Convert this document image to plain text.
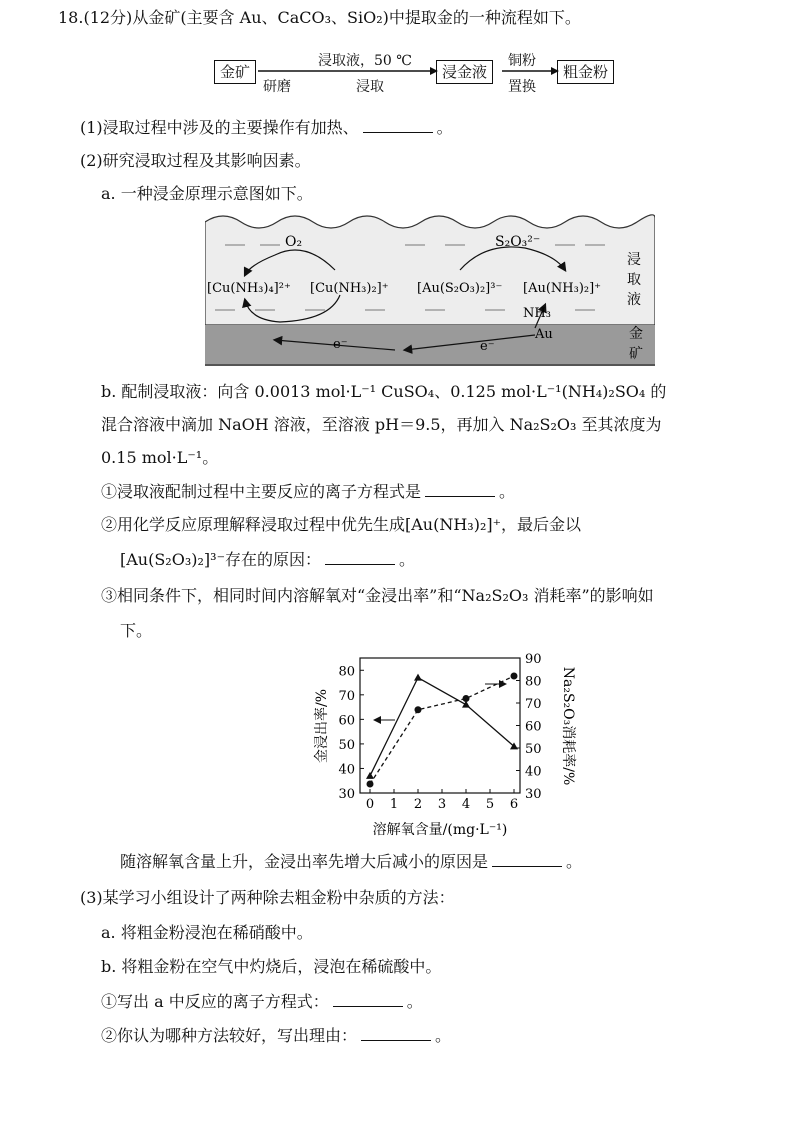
18.(12分)从金矿(主要含 Au、CaCO₃、SiO₂)中提取金的一种流程如下。
金矿	浸金液	粗金粉
研磨
浸取液，50 ℃
浸取
铜粉
置换
(1)浸取过程中涉及的主要操作有加热、	。
(2)研究浸取过程及其影响因素。
a. 一种浸金原理示意图如下。
O₂	S₂O₃²⁻
[Cu(NH₃)₄]²⁺ [Cu(NH₃)₂]⁺ [Au(S₂O₃)₂]³⁻ [Au(NH₃)₂]⁺
NH₃
Au
e⁻	e⁻
浸
取
液
金
矿
b. 配制浸取液：向含 0.0013 mol·L⁻¹ CuSO₄、0.125 mol·L⁻¹(NH₄)₂SO₄ 的
混合溶液中滴加 NaOH 溶液，至溶液 pH＝9.5，再加入 Na₂S₂O₃ 至其浓度为
0.15 mol·L⁻¹。
①浸取液配制过程中主要反应的离子方程式是	。
②用化学反应原理解释浸取过程中优先生成[Au(NH₃)₂]⁺，最后金以
[Au(S₂O₃)₂]³⁻存在的原因：	。
③相同条件下，相同时间内溶解氧对“金浸出率”和“Na₂S₂O₃ 消耗率”的影响如
下。
0 1 2 3 4 5 6
30
40
50
60
70
80
30
40
50
60
70
80
90
金浸出率/%	Na₂S₂O₃消耗率/%
溶解氧含量/(mg·L⁻¹)
随溶解氧含量上升，金浸出率先增大后减小的原因是	。
(3)某学习小组设计了两种除去粗金粉中杂质的方法：
a. 将粗金粉浸泡在稀硝酸中。
b. 将粗金粉在空气中灼烧后，浸泡在稀硫酸中。
①写出 a 中反应的离子方程式：	。
②你认为哪种方法较好，写出理由：	。
